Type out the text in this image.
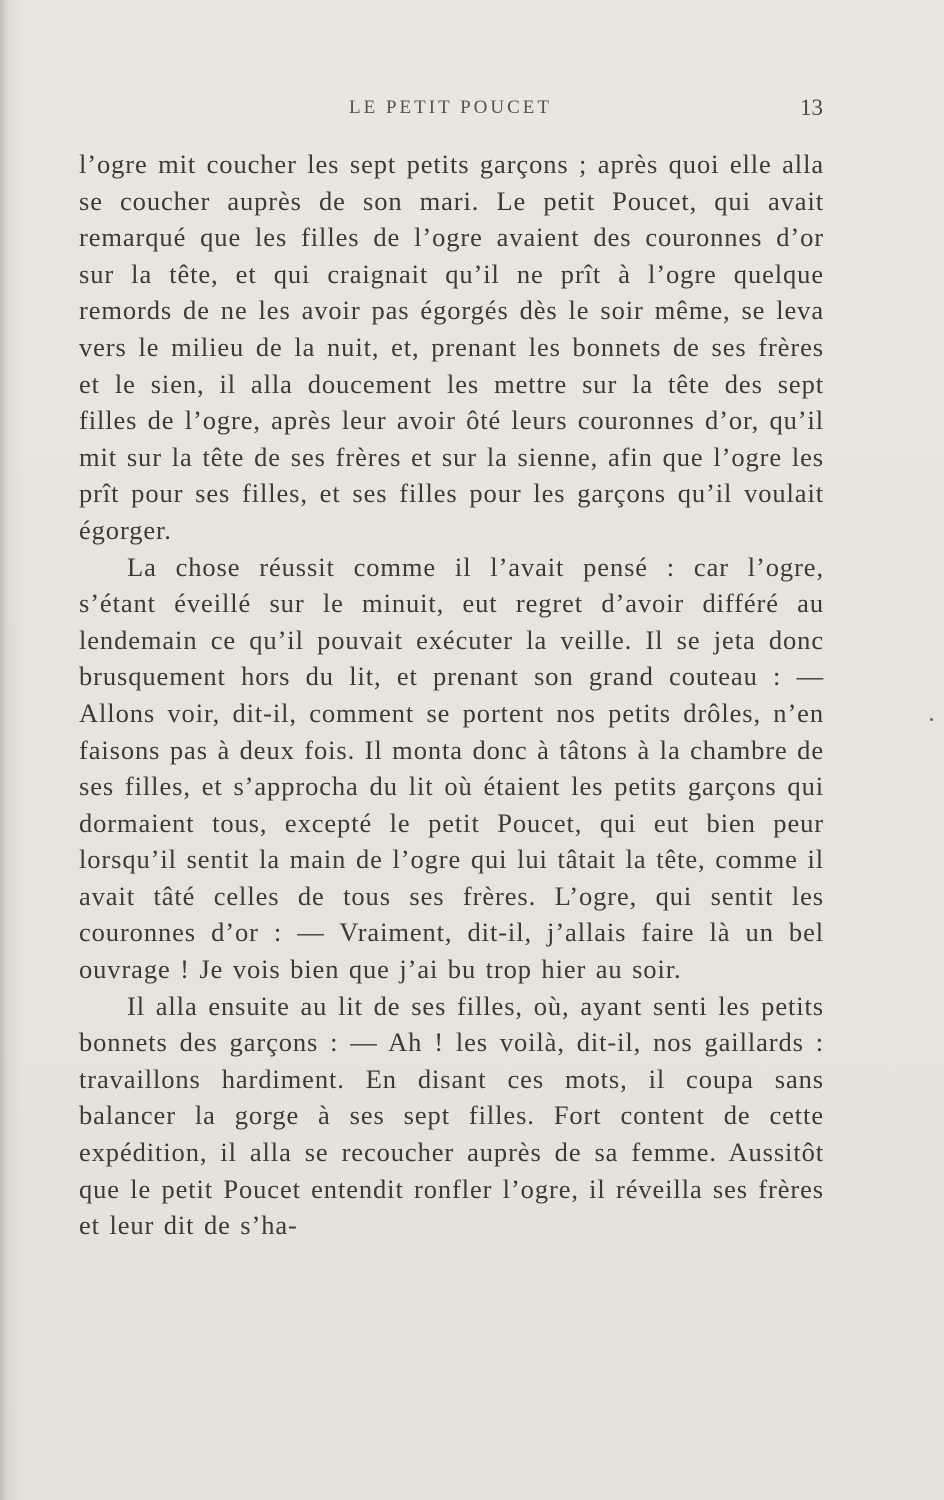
LE PETIT POUCET	13

l’ogre mit coucher les sept petits garçons ; après quoi elle alla se coucher auprès de son mari. Le petit Poucet, qui avait remarqué que les filles de l’ogre avaient des couronnes d’or sur la tête, et qui craignait qu’il ne prît à l’ogre quelque remords de ne les avoir pas égorgés dès le soir même, se leva vers le milieu de la nuit, et, prenant les bonnets de ses frères et le sien, il alla doucement les mettre sur la tête des sept filles de l’ogre, après leur avoir ôté leurs couronnes d’or, qu’il mit sur la tête de ses frères et sur la sienne, afin que l’ogre les prît pour ses filles, et ses filles pour les garçons qu’il voulait égorger.

La chose réussit comme il l’avait pensé : car l’ogre, s’étant éveillé sur le minuit, eut regret d’avoir différé au lendemain ce qu’il pouvait exécuter la veille. Il se jeta donc brusquement hors du lit, et prenant son grand couteau : — Allons voir, dit-il, comment se portent nos petits drôles, n’en faisons pas à deux fois. Il monta donc à tâtons à la chambre de ses filles, et s’approcha du lit où étaient les petits garçons qui dormaient tous, excepté le petit Poucet, qui eut bien peur lorsqu’il sentit la main de l’ogre qui lui tâtait la tête, comme il avait tâté celles de tous ses frères. L’ogre, qui sentit les couronnes d’or : — Vraiment, dit-il, j’allais faire là un bel ouvrage ! Je vois bien que j’ai bu trop hier au soir.

Il alla ensuite au lit de ses filles, où, ayant senti les petits bonnets des garçons : — Ah ! les voilà, dit-il, nos gaillards : travaillons hardiment. En disant ces mots, il coupa sans balancer la gorge à ses sept filles. Fort content de cette expédition, il alla se recoucher auprès de sa femme. Aussitôt que le petit Poucet entendit ronfler l’ogre, il réveilla ses frères et leur dit de s’ha-
